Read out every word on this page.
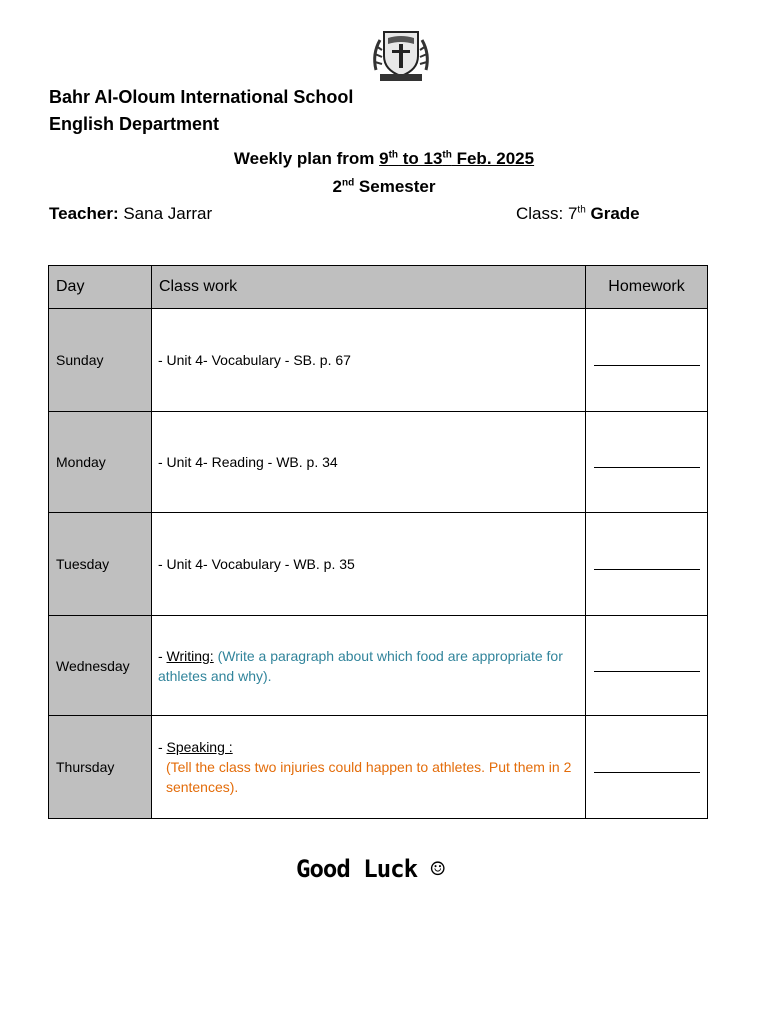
Bahr Al-Oloum International School
English Department
Weekly plan from 9th to 13th Feb. 2025
2nd Semester
Teacher: Sana Jarrar	Class: 7th Grade
Day	Class work	Homework
Sunday	- Unit 4- Vocabulary - SB. p. 67	
Monday	- Unit 4- Reading - WB. p. 34	
Tuesday	- Unit 4- Vocabulary - WB. p. 35	
Wednesday	- Writing: (Write a paragraph about which food are appropriate for athletes and why).	
Thursday	- Speaking :
(Tell the class two injuries could happen to athletes. Put them in 2 sentences).	

Good Luck ☺
